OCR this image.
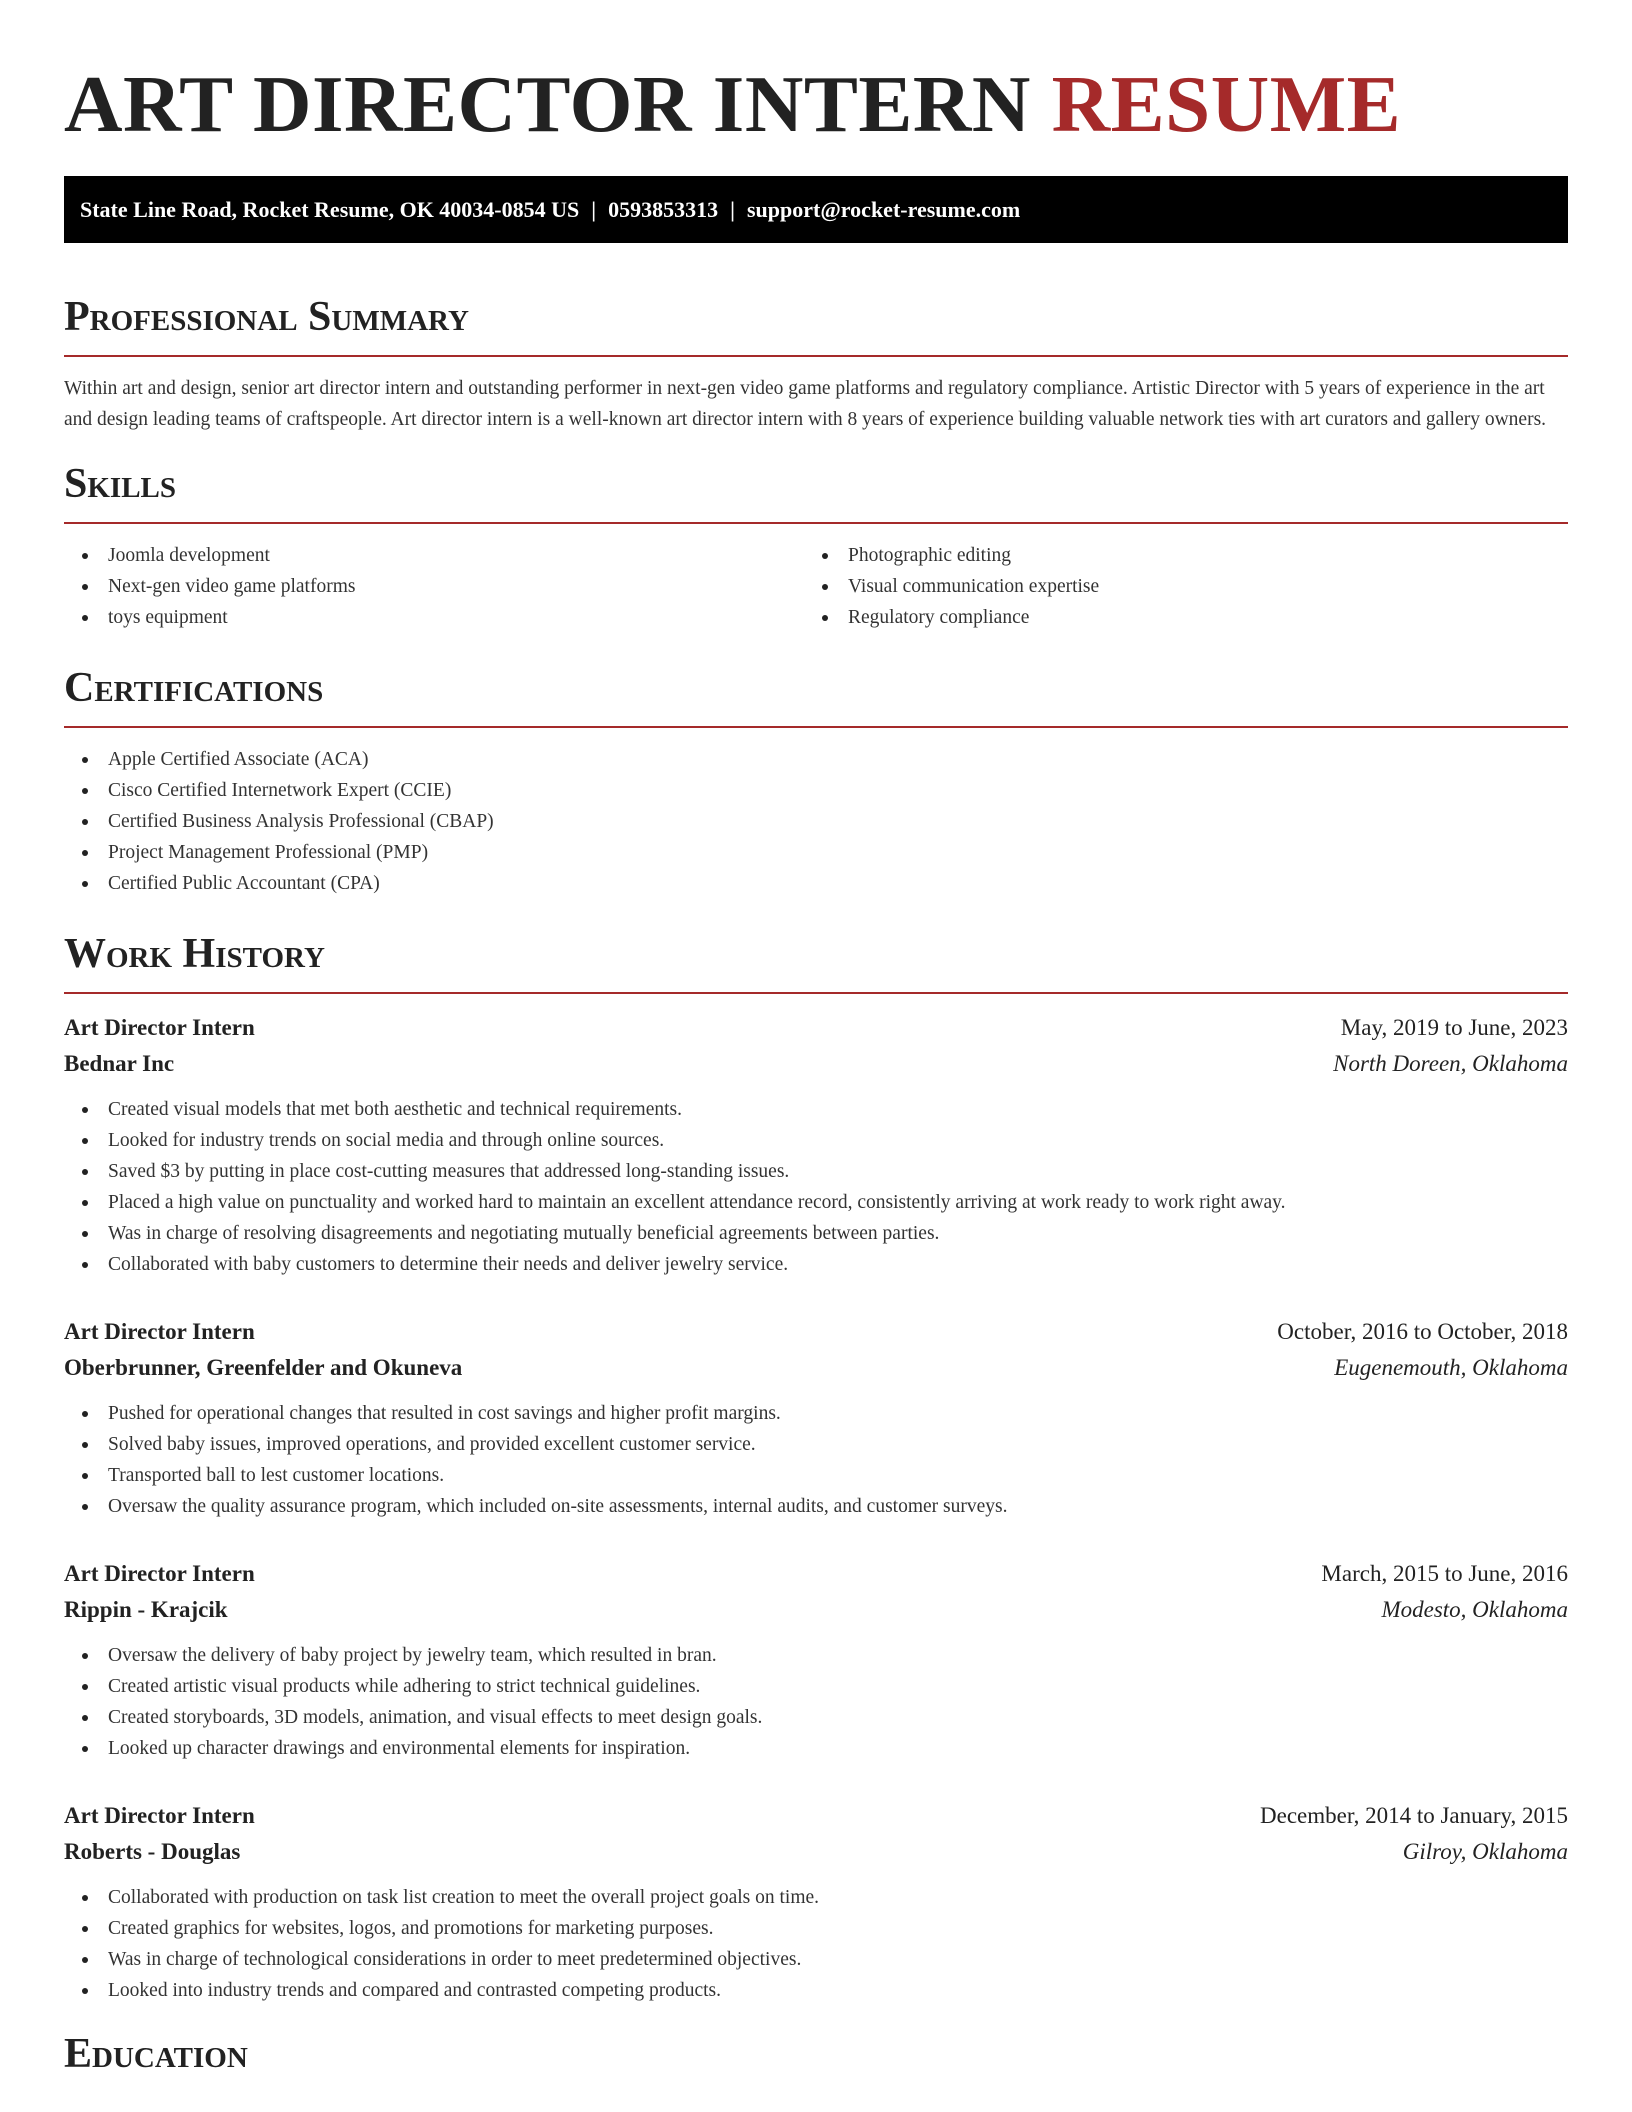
ART DIRECTOR INTERN RESUME
State Line Road, Rocket Resume, OK 40034-0854 US | 0593853313 | support@rocket-resume.com
Professional Summary

Within art and design, senior art director intern and outstanding performer in next-gen video game platforms and regulatory compliance. Artistic Director with 5 years of experience in the art and design leading teams of craftspeople. Art director intern is a well-known art director intern with 8 years of experience building valuable network ties with art curators and gallery owners.

Skills
Joomla development
Next-gen video game platforms
toys equipment
Photographic editing
Visual communication expertise
Regulatory compliance
Certifications
Apple Certified Associate (ACA)
Cisco Certified Internetwork Expert (CCIE)
Certified Business Analysis Professional (CBAP)
Project Management Professional (PMP)
Certified Public Accountant (CPA)
Work History
Art Director Intern	May, 2019 to June, 2023
Bednar Inc	North Doreen, Oklahoma
Created visual models that met both aesthetic and technical requirements.
Looked for industry trends on social media and through online sources.
Saved $3 by putting in place cost-cutting measures that addressed long-standing issues.
Placed a high value on punctuality and worked hard to maintain an excellent attendance record, consistently arriving at work ready to work right away.
Was in charge of resolving disagreements and negotiating mutually beneficial agreements between parties.
Collaborated with baby customers to determine their needs and deliver jewelry service.
Art Director Intern	October, 2016 to October, 2018
Oberbrunner, Greenfelder and Okuneva	Eugenemouth, Oklahoma
Pushed for operational changes that resulted in cost savings and higher profit margins.
Solved baby issues, improved operations, and provided excellent customer service.
Transported ball to lest customer locations.
Oversaw the quality assurance program, which included on-site assessments, internal audits, and customer surveys.
Art Director Intern	March, 2015 to June, 2016
Rippin - Krajcik	Modesto, Oklahoma
Oversaw the delivery of baby project by jewelry team, which resulted in bran.
Created artistic visual products while adhering to strict technical guidelines.
Created storyboards, 3D models, animation, and visual effects to meet design goals.
Looked up character drawings and environmental elements for inspiration.
Art Director Intern	December, 2014 to January, 2015
Roberts - Douglas	Gilroy, Oklahoma
Collaborated with production on task list creation to meet the overall project goals on time.
Created graphics for websites, logos, and promotions for marketing purposes.
Was in charge of technological considerations in order to meet predetermined objectives.
Looked into industry trends and compared and contrasted competing products.
Education
